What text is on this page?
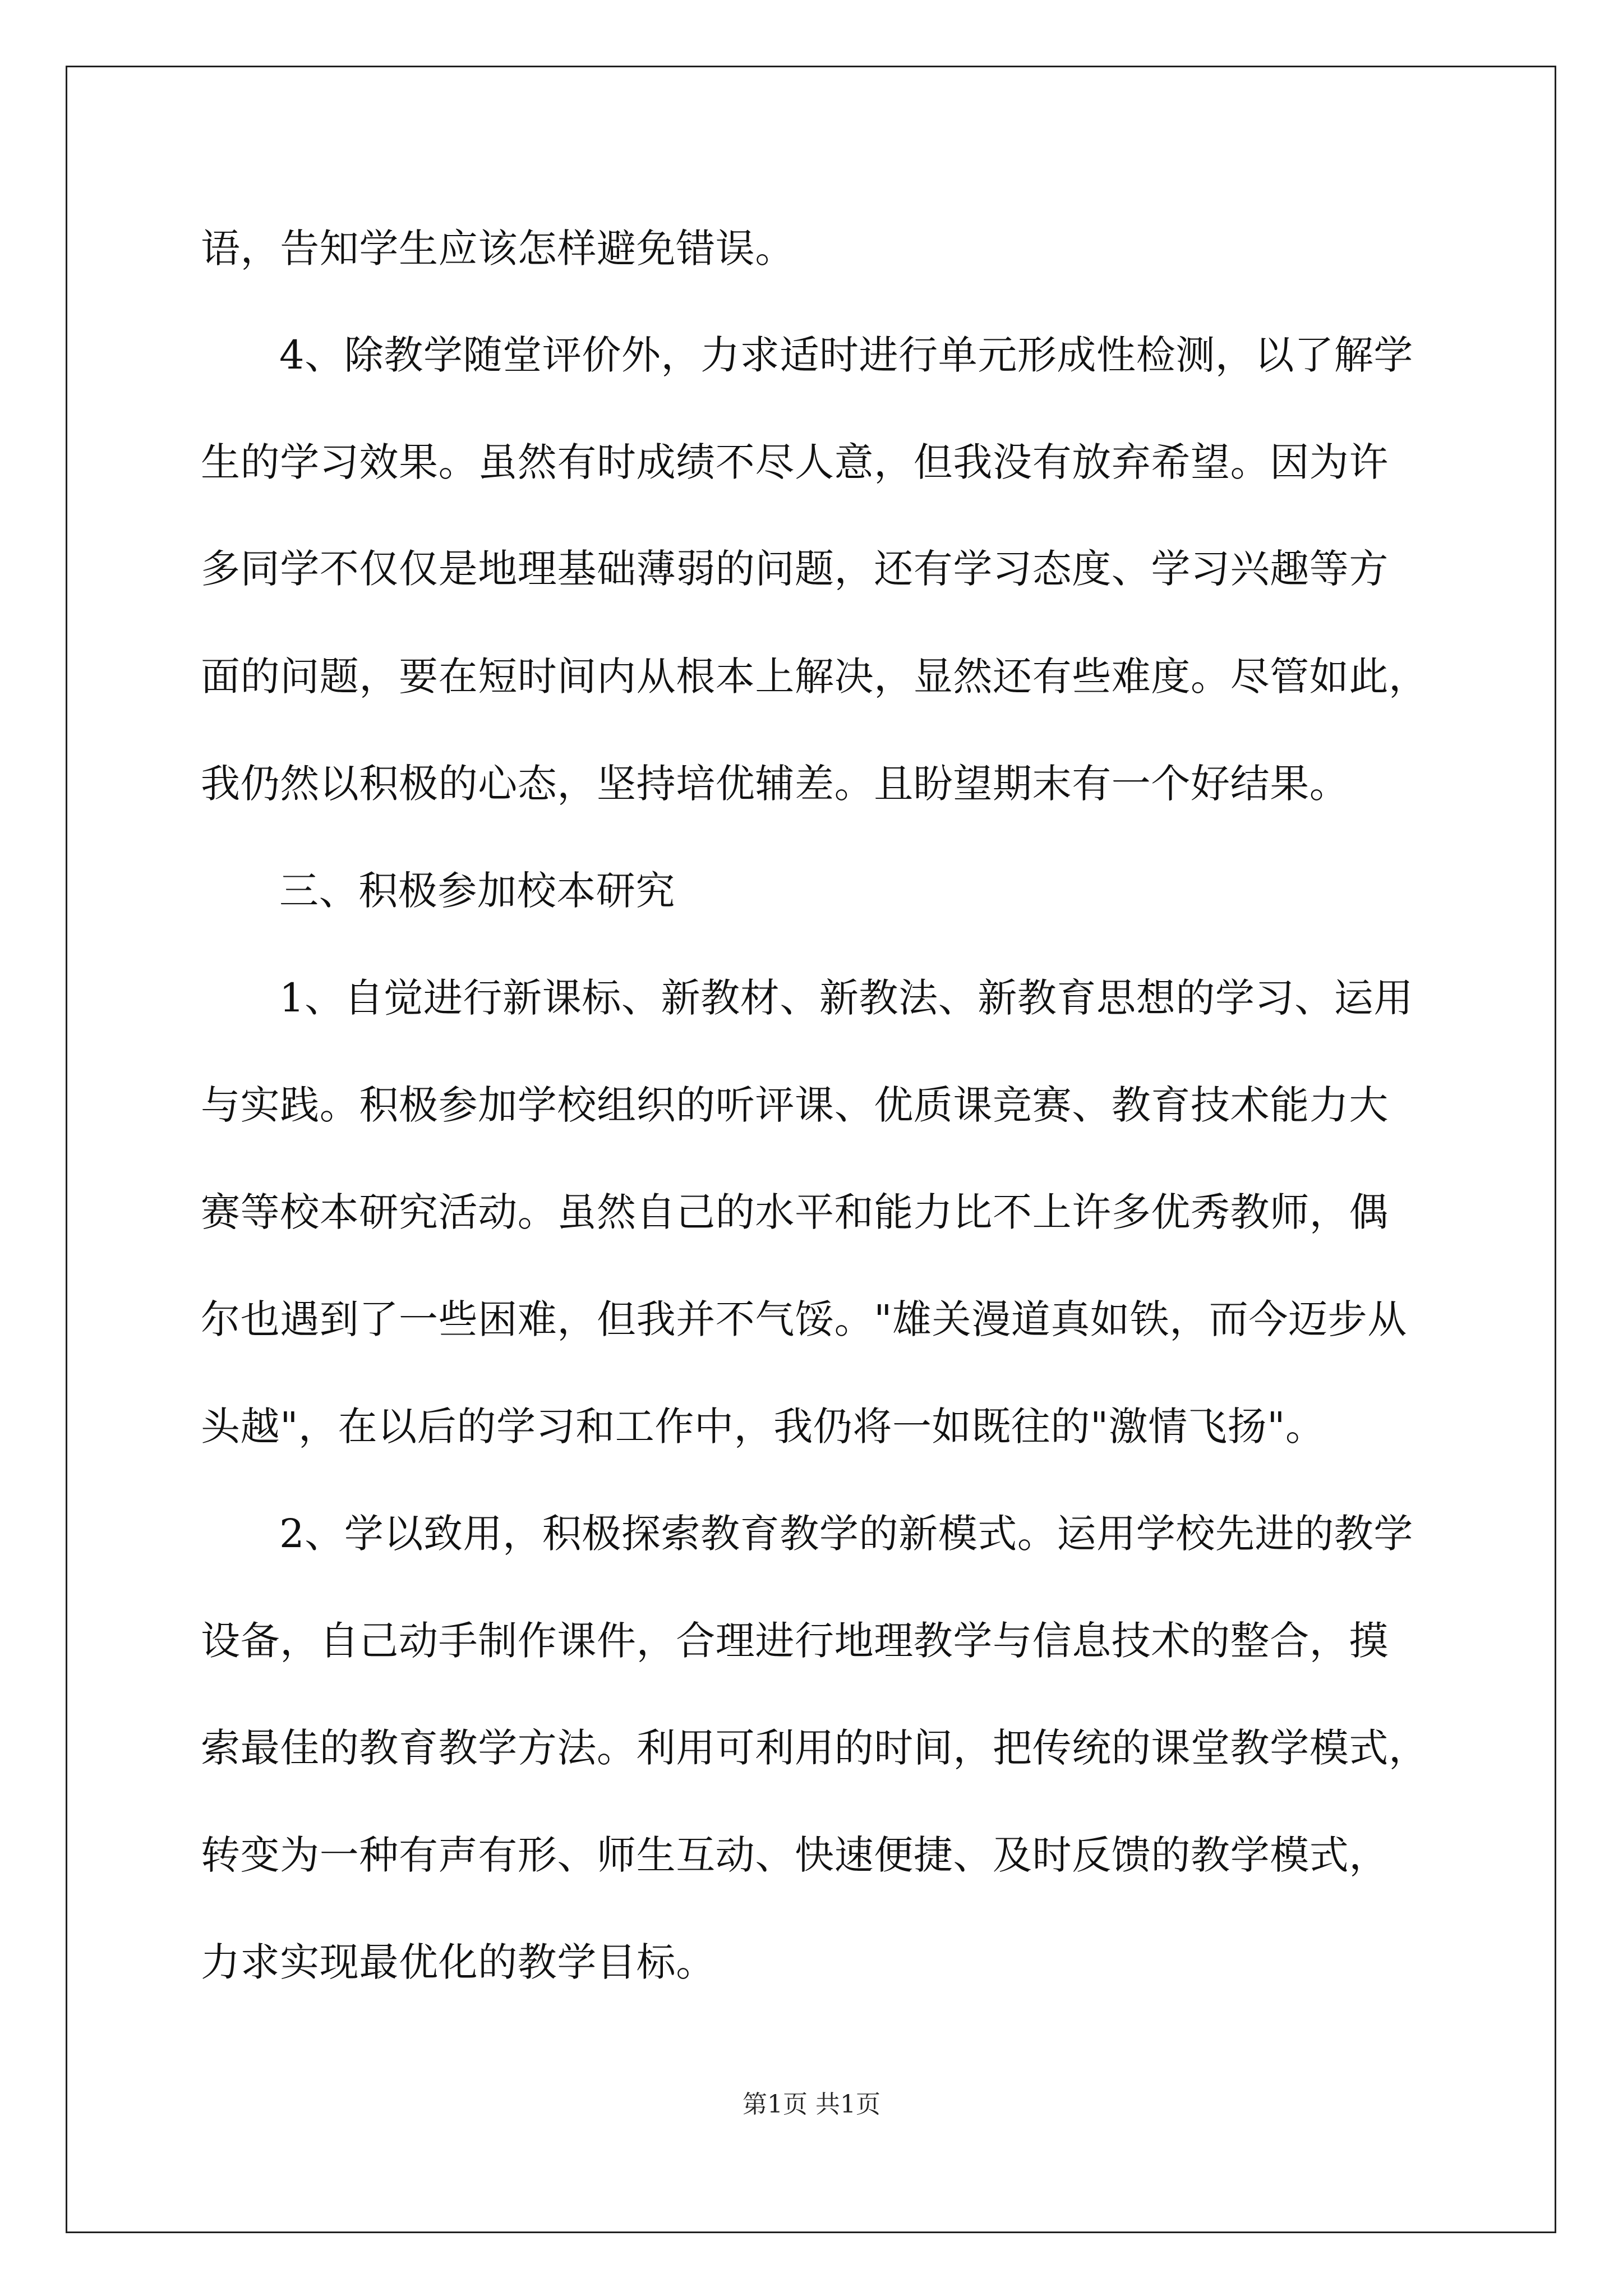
语，告知学生应该怎样避免错误。
4、除教学随堂评价外，力求适时进行单元形成性检测，以了解学
生的学习效果。虽然有时成绩不尽人意，但我没有放弃希望。因为许
多同学不仅仅是地理基础薄弱的问题，还有学习态度、学习兴趣等方
面的问题，要在短时间内从根本上解决，显然还有些难度。尽管如此，
我仍然以积极的心态，坚持培优辅差。且盼望期末有一个好结果。
三、积极参加校本研究
1、自觉进行新课标、新教材、新教法、新教育思想的学习、运用
与实践。积极参加学校组织的听评课、优质课竞赛、教育技术能力大
赛等校本研究活动。虽然自己的水平和能力比不上许多优秀教师，偶
尔也遇到了一些困难，但我并不气馁。"雄关漫道真如铁，而今迈步从
头越"，在以后的学习和工作中，我仍将一如既往的"激情飞扬"。
2、学以致用，积极探索教育教学的新模式。运用学校先进的教学
设备，自己动手制作课件，合理进行地理教学与信息技术的整合，摸
索最佳的教育教学方法。利用可利用的时间，把传统的课堂教学模式，
转变为一种有声有形、师生互动、快速便捷、及时反馈的教学模式，
力求实现最优化的教学目标。
第1页 共1页
